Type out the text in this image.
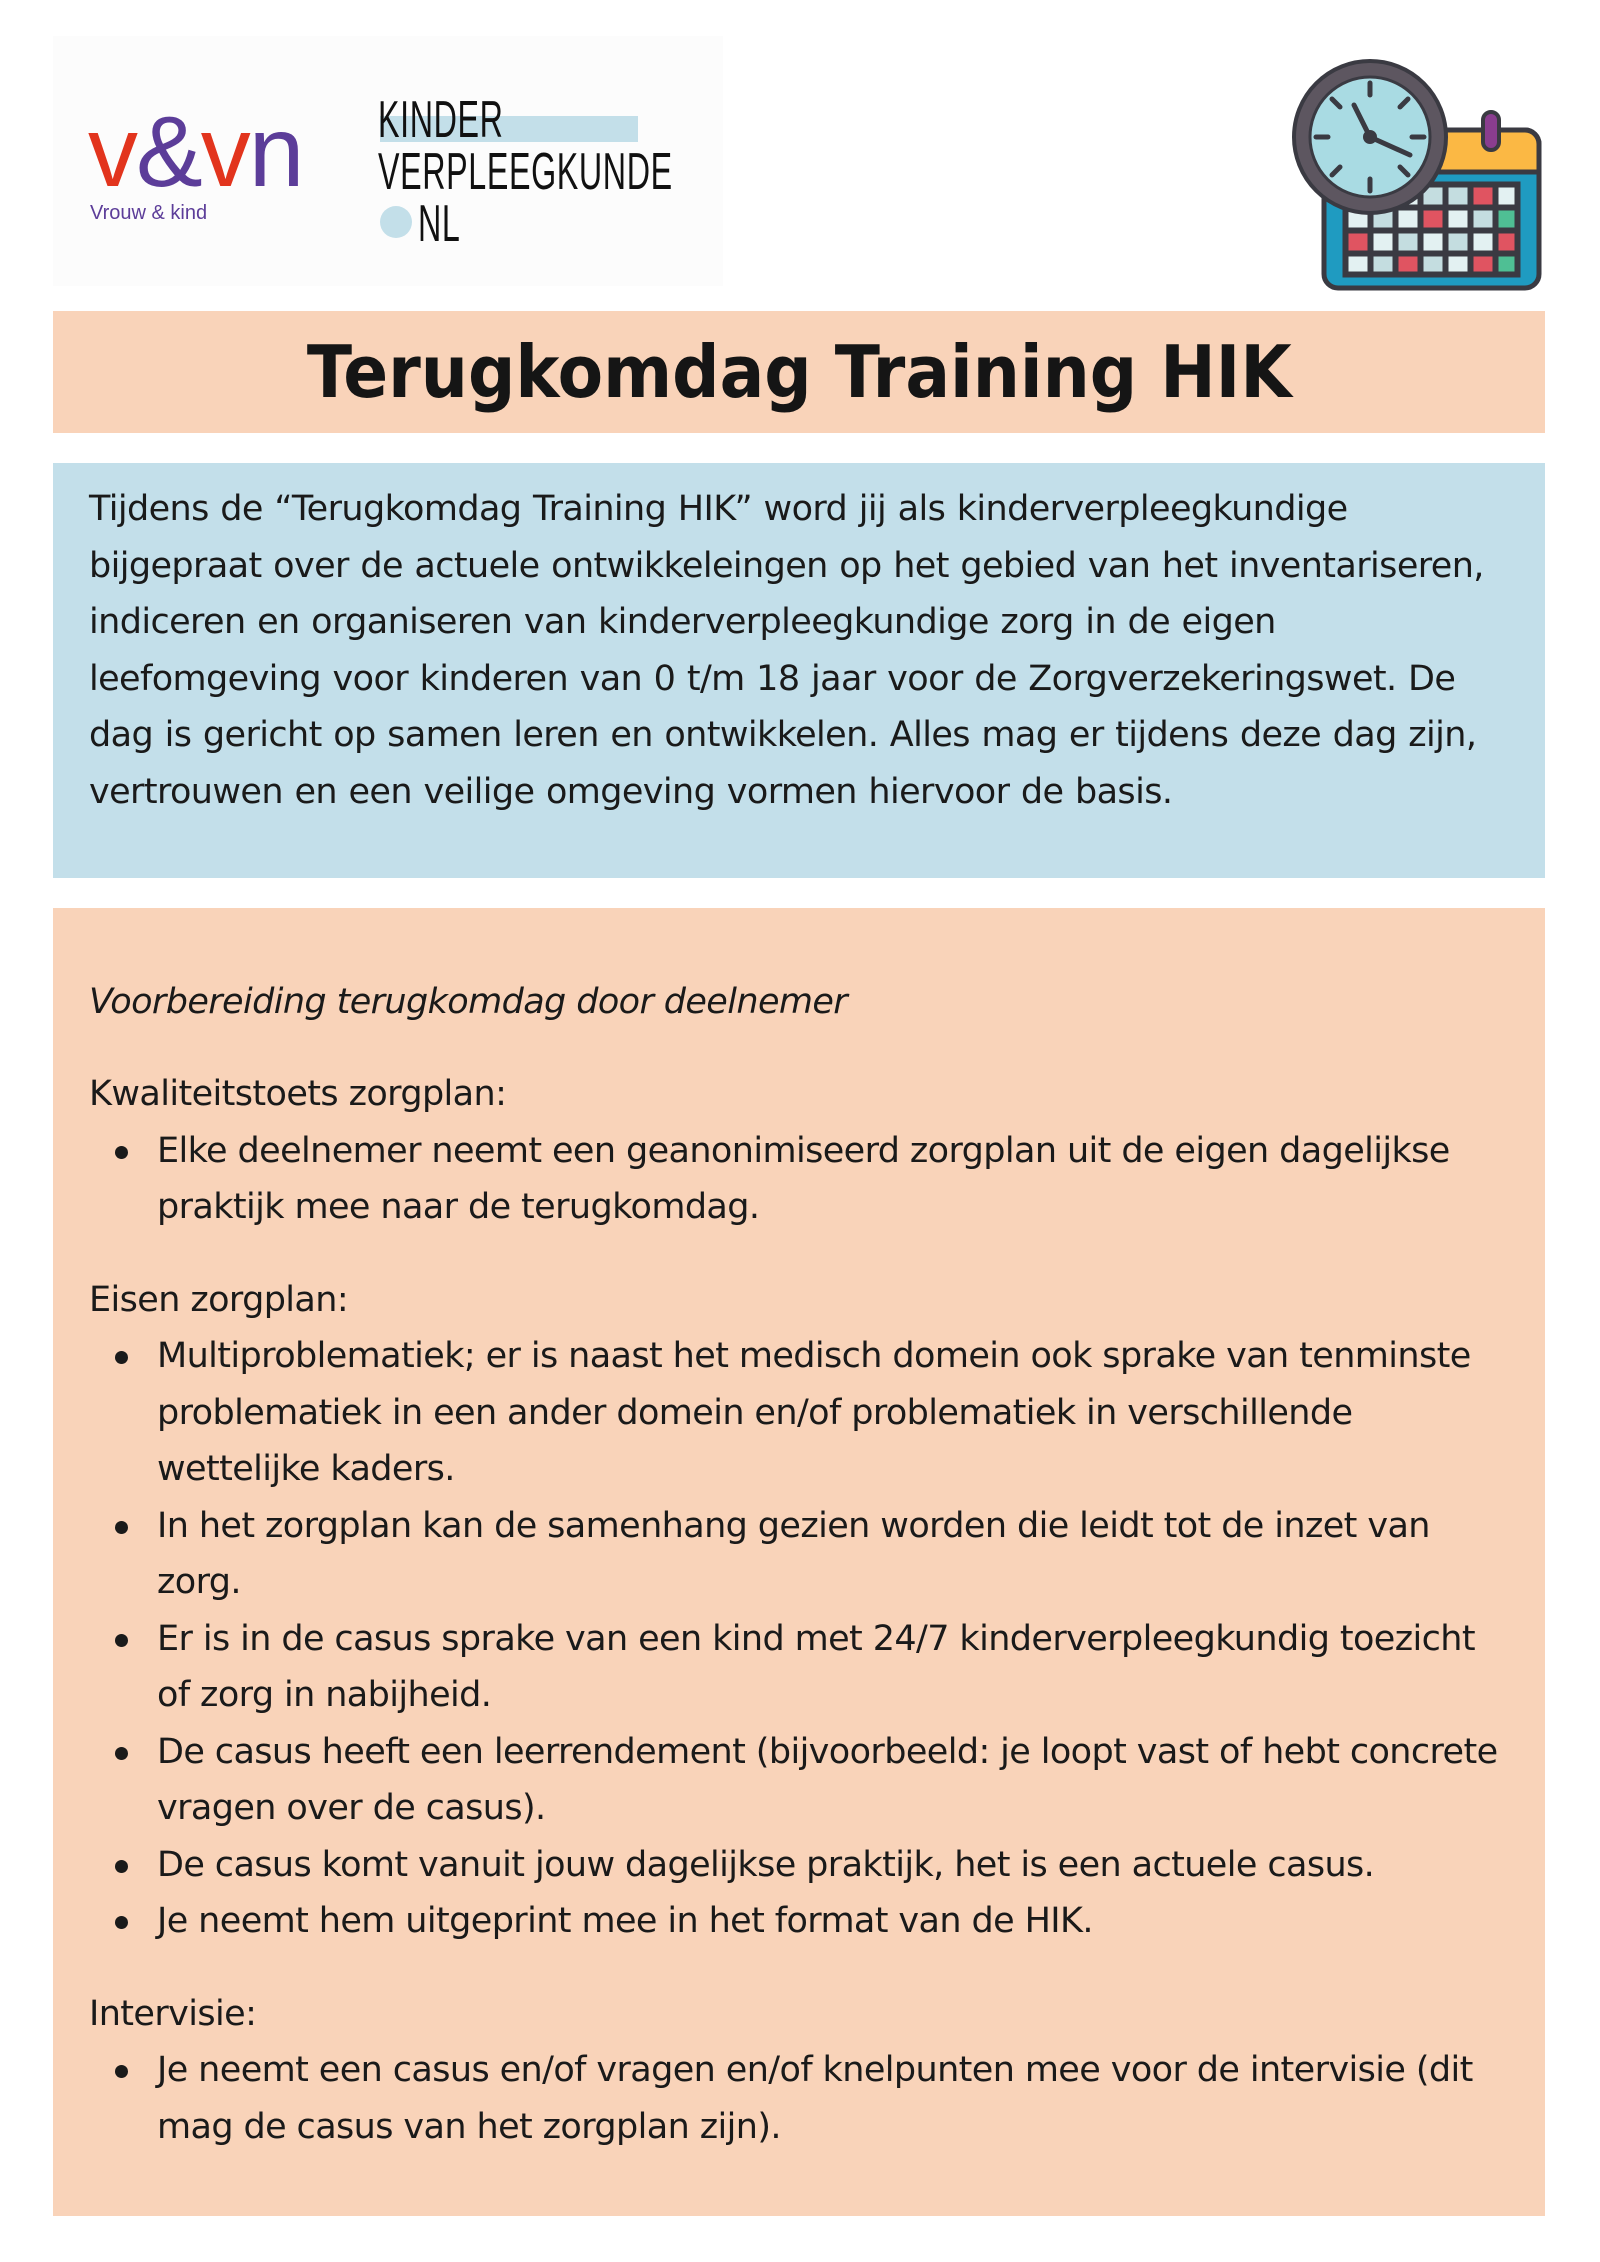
v&vn
Vrouw & kind
KINDER
VERPLEEGKUNDE
NL
Terugkomdag Training HIK

Tijdens de “Terugkomdag Training HIK” word jij als kinderverpleegkundige bijgepraat over de actuele ontwikkeleingen op het gebied van het inventariseren, indiceren en organiseren van kinderverpleegkundige zorg in de eigen leefomgeving voor kinderen van 0 t/m 18 jaar voor de Zorgverzekeringswet. De dag is gericht op samen leren en ontwikkelen. Alles mag er tijdens deze dag zijn, vertrouwen en een veilige omgeving vormen hiervoor de basis.

Voorbereiding terugkomdag door deelnemer

Kwaliteitstoets zorgplan:

Elke deelnemer neemt een geanonimiseerd zorgplan uit de eigen dagelijkse praktijk mee naar de terugkomdag.

Eisen zorgplan:

Multiproblematiek; er is naast het medisch domein ook sprake van tenminste problematiek in een ander domein en/of problematiek in verschillende wettelijke kaders.
In het zorgplan kan de samenhang gezien worden die leidt tot de inzet van zorg.
Er is in de casus sprake van een kind met 24/7 kinderverpleegkundig toezicht of zorg in nabijheid.
De casus heeft een leerrendement (bijvoorbeeld: je loopt vast of hebt concrete vragen over de casus).
De casus komt vanuit jouw dagelijkse praktijk, het is een actuele casus.
Je neemt hem uitgeprint mee in het format van de HIK.

Intervisie:

Je neemt een casus en/of vragen en/of knelpunten mee voor de intervisie (dit mag de casus van het zorgplan zijn).
